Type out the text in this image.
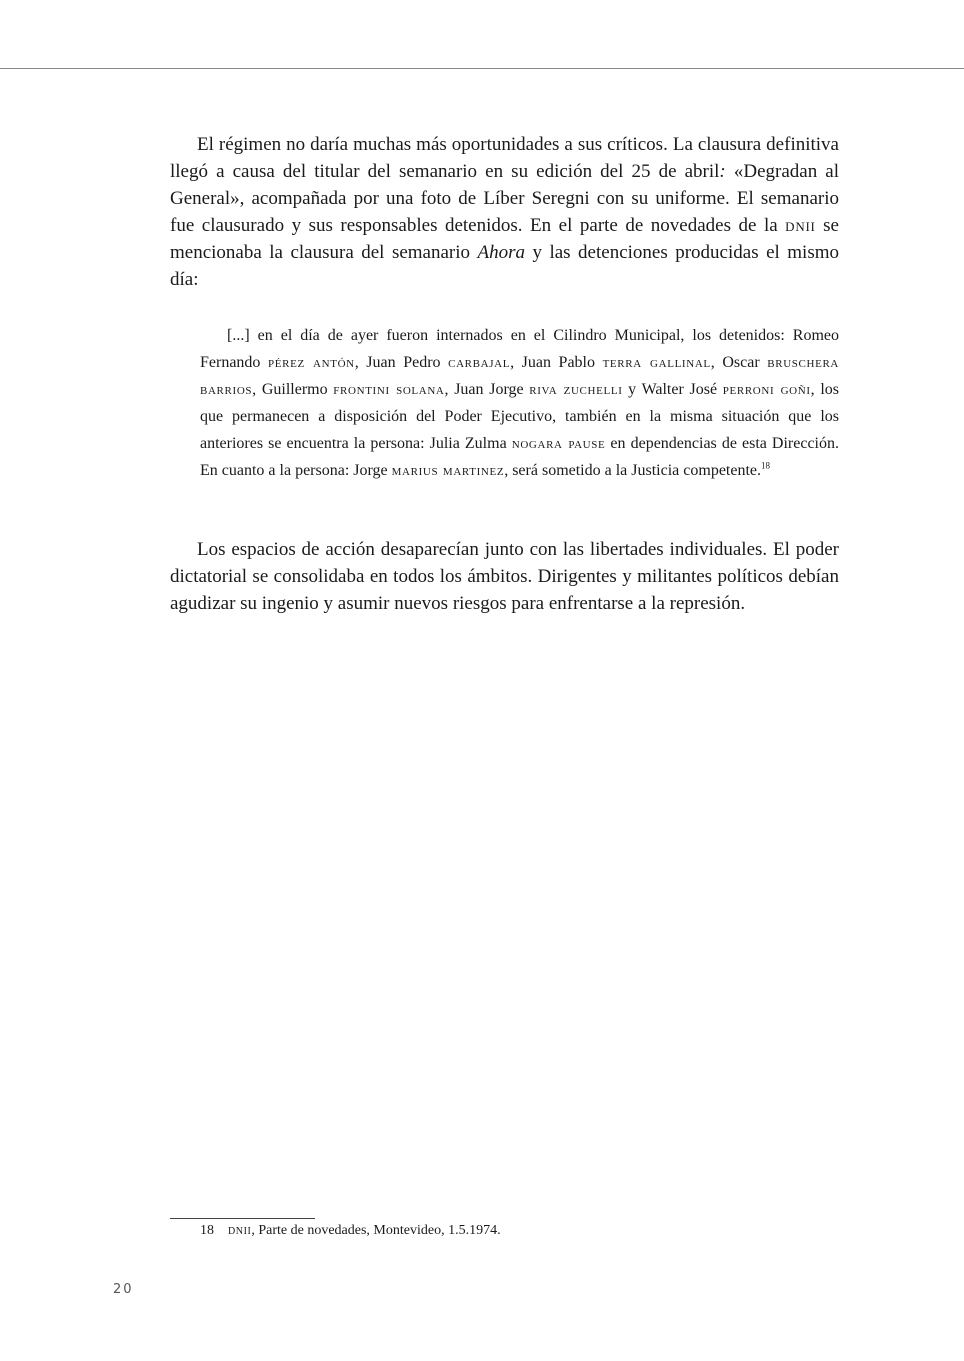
El régimen no daría muchas más oportunidades a sus críticos. La clausura definitiva llegó a causa del titular del semanario en su edición del 25 de abril: «Degradan al General», acompañada por una foto de Líber Seregni con su uniforme. El semanario fue clausurado y sus responsables detenidos. En el parte de novedades de la dnii se mencionaba la clausura del semanario Ahora y las detenciones producidas el mismo día:

[...] en el día de ayer fueron internados en el Cilindro Municipal, los detenidos: Romeo Fernando pérez antón, Juan Pedro carbajal, Juan Pablo terra gallinal, Oscar bruschera barrios, Guillermo frontini solana, Juan Jorge riva zuchelli y Walter José perroni goñi, los que permanecen a disposición del Poder Ejecutivo, también en la misma situación que los anteriores se encuentra la persona: Julia Zulma nogara pause en dependencias de esta Dirección. En cuanto a la persona: Jorge marius martinez, será sometido a la Justicia competente.$^{18}$

Los espacios de acción desaparecían junto con las libertades individuales. El poder dictatorial se consolidaba en todos los ámbitos. Dirigentes y militantes políticos debían agudizar su ingenio y asumir nuevos riesgos para enfrentarse a la represión.

18 dnii, Parte de novedades, Montevideo, 1.5.1974.

20
